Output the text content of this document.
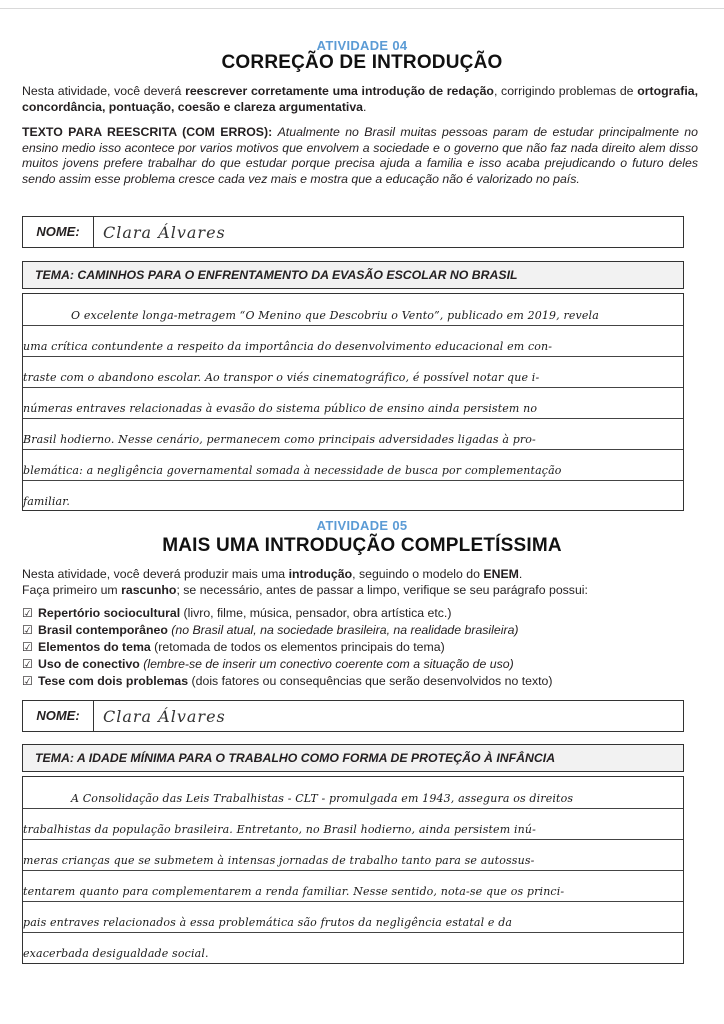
ATIVIDADE 04
CORREÇÃO DE INTRODUÇÃO
Nesta atividade, você deverá reescrever corretamente uma introdução de redação, corrigindo problemas de ortografia, concordância, pontuação, coesão e clareza argumentativa.
TEXTO PARA REESCRITA (COM ERROS): Atualmente no Brasil muitas pessoas param de estudar principalmente no ensino medio isso acontece por varios motivos que envolvem a sociedade e o governo que não faz nada direito alem disso muitos jovens prefere trabalhar do que estudar porque precisa ajuda a familia e isso acaba prejudicando o futuro deles sendo assim esse problema cresce cada vez mais e mostra que a educação não é valorizado no país.
NOME:	Clara Álvares
TEMA: CAMINHOS PARA O ENFRENTAMENTO DA EVASÃO ESCOLAR NO BRASIL
O excelente longa-metragem “O Menino que Descobriu o Vento”, publicado em 2019, revela
uma crítica contundente a respeito da importância do desenvolvimento educacional em con-
traste com o abandono escolar. Ao transpor o viés cinematográfico, é possível notar que i-
númeras entraves relacionadas à evasão do sistema público de ensino ainda persistem no
Brasil hodierno. Nesse cenário, permanecem como principais adversidades ligadas à pro-
blemática: a negligência governamental somada à necessidade de busca por complementação
familiar.
ATIVIDADE 05
MAIS UMA INTRODUÇÃO COMPLETÍSSIMA
Nesta atividade, você deverá produzir mais uma introdução, seguindo o modelo do ENEM.
Faça primeiro um rascunho; se necessário, antes de passar a limpo, verifique se seu parágrafo possui:
☑ Repertório sociocultural (livro, filme, música, pensador, obra artística etc.)
☑ Brasil contemporâneo (no Brasil atual, na sociedade brasileira, na realidade brasileira)
☑ Elementos do tema (retomada de todos os elementos principais do tema)
☑ Uso de conectivo (lembre-se de inserir um conectivo coerente com a situação de uso)
☑ Tese com dois problemas (dois fatores ou consequências que serão desenvolvidos no texto)
NOME:	Clara Álvares
TEMA: A IDADE MÍNIMA PARA O TRABALHO COMO FORMA DE PROTEÇÃO À INFÂNCIA
A Consolidação das Leis Trabalhistas - CLT - promulgada em 1943, assegura os direitos
trabalhistas da população brasileira. Entretanto, no Brasil hodierno, ainda persistem inú-
meras crianças que se submetem à intensas jornadas de trabalho tanto para se autossus-
tentarem quanto para complementarem a renda familiar. Nesse sentido, nota-se que os princi-
pais entraves relacionados à essa problemática são frutos da negligência estatal e da
exacerbada desigualdade social.
